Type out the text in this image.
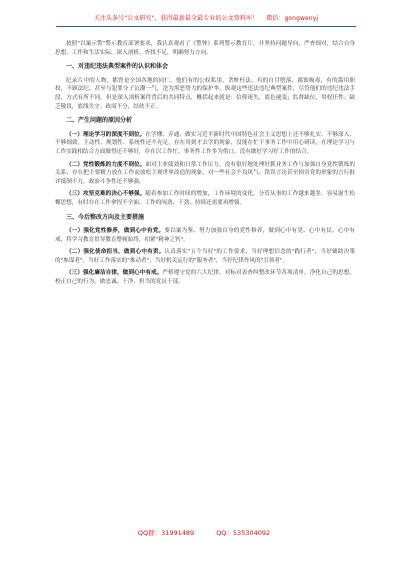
关注头条号"公文研究"，获得最新最全最专业的公文资料库！ 微信：gongwenyj

按照"以案示警"警示教育部署要求，我认真观看了《警钟》系列警示教育片，并坚持问题导向、严查细对，结合自身思想、工作和生活实际，深入剖析、查找不足，明确努力方向。

一、对违纪违法典型案件的认识和体会

纪录片中的人物，都曾是全国各地的同仁，他们有的公权私用、贪赃枉法，有的自甘堕落、腐蚀吸毒，有的滥用职权、不顾法纪，甚至与犯罪分子沆瀣一气，沦为黑恶势力的保护伞。纵观这些违法违纪典型案件，尽管他们的违纪违法手段、方式有所不同，但是深入剖析案件背后的共同特点，概括起来就是：信仰迷失，底色褪变；监督缺位，用权任性；缺乏敬畏，底线失守；政商不分，结伙不正。

二、产生问题的原因分析

（一）理论学习的深度不到位。在学懂、弄通、做实习近平新时代中国特色社会主义思想上还不够扎实、不够深入、不够细致，主动性、规划性、系统性还不充足，存在用到才去学的现象，没能在忙于事务工作中用心研读，在理论学习与工作实践相结合方面做得还不够好，存在以工作忙、事务性工作多为借口，没有做好学习好工作的结合。

（二）党性锻炼的力度不到位。面对主业绩效和日常工作压力，没有很好地处理好抓业务工作与加强自身党性锻炼的关系，存在把主要精力放在工作而放松主观世界改造的现象，对一些社会不良风气、错误言论甚至损害党的形象的言行批评抵制不力，政治斗争性还不够强。

（三）攻坚克难的决心不够强。随着参加工作时间的增加，工作环境的变化，分管从事的工作越来越多，容易滋生松懈思想，有时存在工作拿捏不全面、工作的闯劲、干劲、持续还需要再增强。

三、今后整改方向及主要措施

（一）强化党性修养，做到心中有党。要以案为鉴、努力加强自身的党性修养，做到心中有党、心中有民、心中有戒，将学习教育贯穿教育整顿始终，扣紧"精神之钙"。

（二）强化使命担当，做到心中有责。认真落实"五个当好"的工作要求，当好理想信念的"践行者"，当好辅助决策的"参谋者"，当好工作落实的"推动者"，当好机关运行的"服务者"，当好纪律作风的"引领者"。

（三）强化廉洁自律，做到心中有戒。严格遵守党的六大纪律，对标对表查纠整改环节各项清单，净化自己的思想，校正自己的行为，做忠诚、干净、担当的党员干部。

QQ群：31991489	QQ：535304092
